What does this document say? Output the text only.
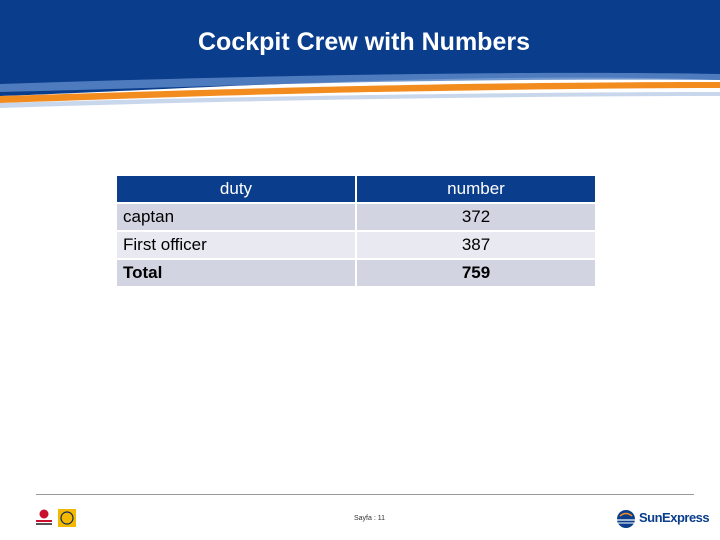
Cockpit Crew with Numbers
duty	number
captan	372
First officer	387
Total	759
Sayfa : 11	SunExpress
